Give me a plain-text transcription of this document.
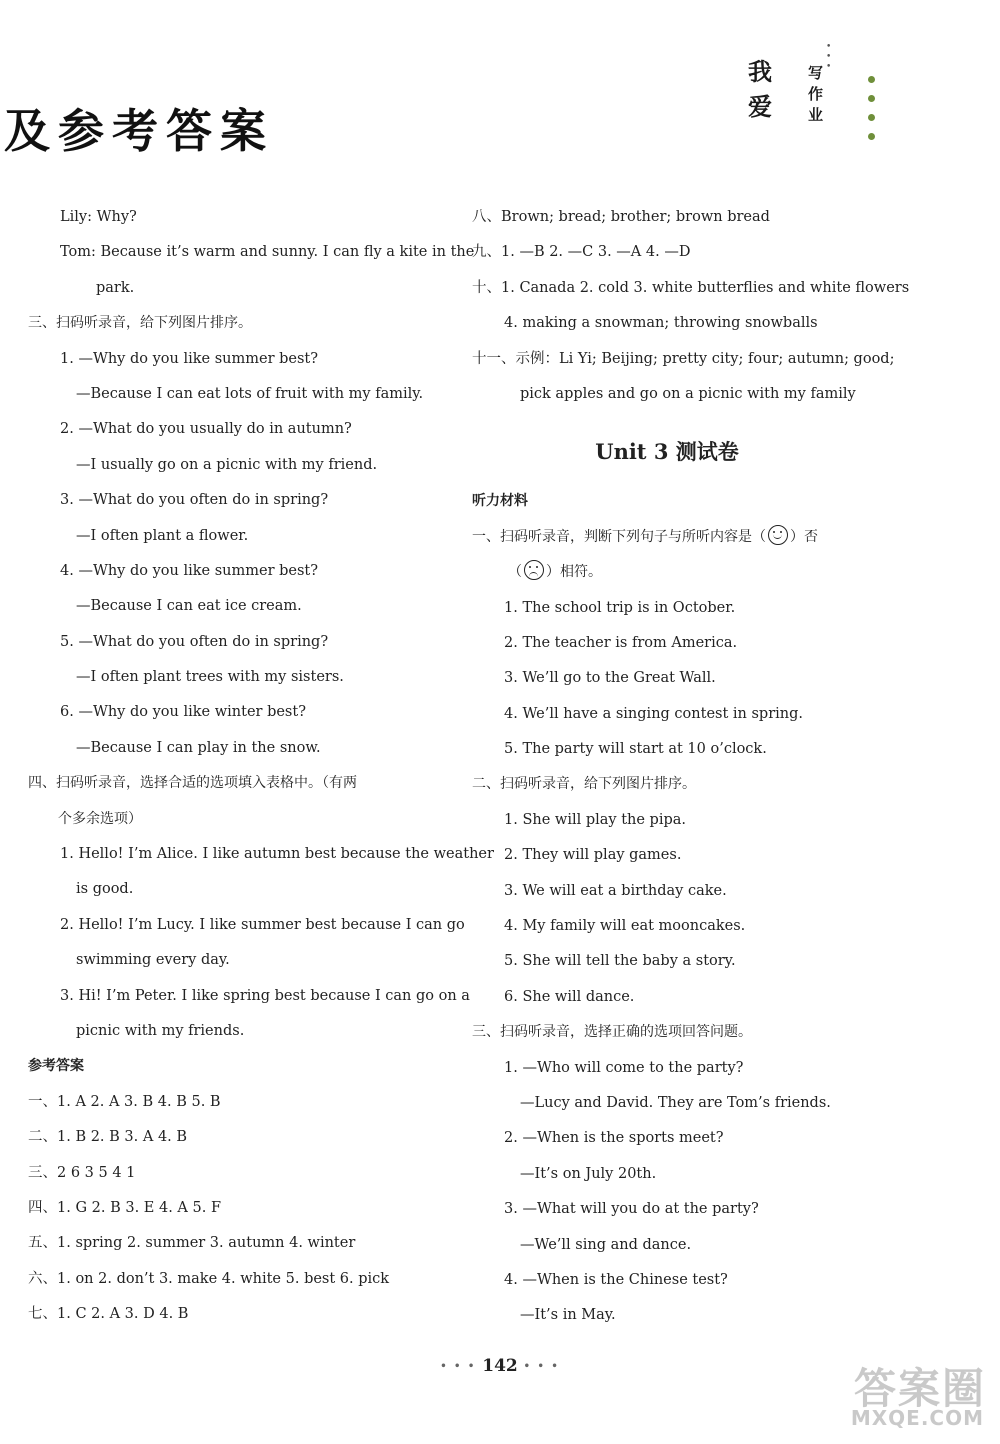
• • •
我爱
写作业
及参考答案
Lily: Why?
Tom: Because it’s warm and sunny. I can fly a kite in the
park.
三、扫码听录音，给下列图片排序。
1. —Why do you like summer best?
—Because I can eat lots of fruit with my family.
2. —What do you usually do in autumn?
—I usually go on a picnic with my friend.
3. —What do you often do in spring?
—I often plant a flower.
4. —Why do you like summer best?
—Because I can eat ice cream.
5. —What do you often do in spring?
—I often plant trees with my sisters.
6. —Why do you like winter best?
—Because I can play in the snow.
四、扫码听录音，选择合适的选项填入表格中。（有两
个多余选项）
1. Hello! I’m Alice. I like autumn best because the weather
is good.
2. Hello! I’m Lucy. I like summer best because I can go
swimming every day.
3. Hi! I’m Peter. I like spring best because I can go on a
picnic with my friends.
参考答案
一、1. A 2. A 3. B 4. B 5. B
二、1. B 2. B 3. A 4. B
三、2 6 3 5 4 1
四、1. G 2. B 3. E 4. A 5. F
五、1. spring 2. summer 3. autumn 4. winter
六、1. on 2. don’t 3. make 4. white 5. best 6. pick
七、1. C 2. A 3. D 4. B
八、Brown; bread; brother; brown bread
九、1. —B 2. —C 3. —A 4. —D
十、1. Canada 2. cold 3. white butterflies and white flowers
4. making a snowman; throwing snowballs
十一、示例：Li Yi; Beijing; pretty city; four; autumn; good;
pick apples and go on a picnic with my family
Unit 3 测试卷
听力材料
一、扫码听录音，判断下列句子与所听内容是（ ）否
（ ）相符。
1. The school trip is in October.
2. The teacher is from America.
3. We’ll go to the Great Wall.
4. We’ll have a singing contest in spring.
5. The party will start at 10 o’clock.
二、扫码听录音，给下列图片排序。
1. She will play the pipa.
2. They will play games.
3. We will eat a birthday cake.
4. My family will eat mooncakes.
5. She will tell the baby a story.
6. She will dance.
三、扫码听录音，选择正确的选项回答问题。
1. —Who will come to the party?
—Lucy and David. They are Tom’s friends.
2. —When is the sports meet?
—It’s on July 20th.
3. —What will you do at the party?
—We’ll sing and dance.
4. —When is the Chinese test?
—It’s in May.
• • • 142 • • •	答案圈
MXQE.COM
